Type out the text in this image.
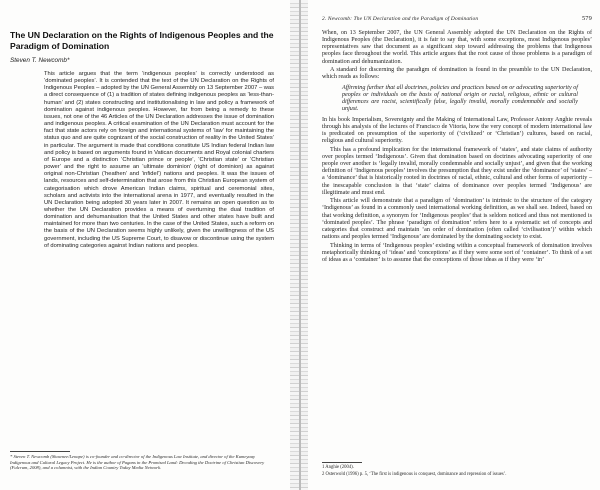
The UN Declaration on the Rights of Indigenous Peoples and the Paradigm of Domination
Steven T. Newcomb*
This article argues that the term ‘indigenous peoples’ is correctly understood as ‘dominated peoples’. It is contended that the text of the UN Declaration on the Rights of Indigenous Peoples – adopted by the UN General Assembly on 13 September 2007 – was a direct consequence of (1) a tradition of states defining indigenous peoples as ‘less-than-human’ and (2) states constructing and institutionalising in law and policy a framework of domination against indigenous peoples. However, far from being a remedy to these issues, not one of the 46 Articles of the UN Declaration addresses the issue of domination and indigenous peoples. A critical examination of the UN Declaration must account for the fact that state actors rely on foreign and international systems of ‘law’ for maintaining the status quo and are quite cognizant of the social construction of reality in the United States’ in particular. The argument is made that conditions constitute US Indian federal Indian law and policy is based on arguments found in Vatican documents and Royal colonial charters of Europe and a distinction ‘Christian prince or people’, ‘Christian state’ or ‘Christian power’ and the right to assume an ‘ultimate dominion’ (right of dominion) as against original non-Christian (‘heathen’ and ‘infidel’) nations and peoples. It was the issues of lands, resources and self-determination that arose from this Christian European system of categorisation which drove American Indian claims, spiritual and ceremonial sites, scholars and activists into the international arena in 1977, and eventually resulted in the UN Declaration being adopted 30 years later in 2007. It remains an open question as to whether the UN Declaration provides a means of overturning the dual tradition of domination and dehumanisation that the United States and other states have built and maintained for more than two centuries. In the case of the United States, such a reform on the basis of the UN Declaration seems highly unlikely, given the unwillingness of the US government, including the US Supreme Court, to disavow or discontinue using the system of dominating categories against Indian nations and peoples.
* Steven T. Newcomb (Shawnee/Lenape) is co-founder and co-director of the Indigenous Law Institute, and director of the Kumeyaay Indigenous and Cultural Legacy Project. He is the author of Pagans in the Promised Land: Decoding the Doctrine of Christian Discovery (Fulcrum, 2008), and a columnist, with the Indian Country Today Media Network.
2. Newcomb: The UN Declaration and the Paradigm of Domination	579

When, on 13 September 2007, the UN General Assembly adopted the UN Declaration on the Rights of Indigenous Peoples (the Declaration), it is fair to say that, with some exceptions, most Indigenous peoples’ representatives saw that document as a significant step toward addressing the problems that Indigenous peoples face throughout the world. This article argues that the root cause of those problems is a paradigm of domination and dehumanization.

A standard for discerning the paradigm of domination is found in the preamble to the UN Declaration, which reads as follows:

Affirming further that all doctrines, policies and practices based on or advocating superiority of peoples or individuals on the basis of national origin or racial, religious, ethnic or cultural differences are racist, scientifically false, legally invalid, morally condemnable and socially unjust.

In his book Imperialism, Sovereignty and the Making of International Law, Professor Antony Anghie reveals through his analysis of the lectures of Francisco de Vitoria, how the very concept of modern international law is predicated on presumption of the superiority of (‘civilized’ or ‘Christian’) cultures, based on racial, religious and cultural superiority.

This has a profound implication for the international framework of ‘states’, and state claims of authority over peoples termed ‘Indigenous’. Given that domination based on doctrines advocating superiority of one people over another is ‘legally invalid, morally condemnable and socially unjust’, and given that the working definition of ‘Indigenous peoples’ involves the presumption that they exist under the ‘dominance’ of ‘states’ – a ‘dominance’ that is historically rooted in doctrines of racial, ethnic, cultural and other forms of superiority – the inescapable conclusion is that ‘state’ claims of dominance over peoples termed ‘Indigenous’ are illegitimate and must end.

This article will demonstrate that a paradigm of ‘domination’ is intrinsic to the structure of the category ‘Indigenous’ as found in a commonly used international working definition, as we shall see. Indeed, based on that working definition, a synonym for ‘Indigenous peoples’ that is seldom noticed and thus not mentioned is ‘dominated peoples’. The phrase ‘paradigm of domination’ refers here to a systematic set of concepts and categories that construct and maintain ‘an order of domination (often called ‘civilisation’)’ within which nations and peoples termed ‘Indigenous’ are dominated by the dominating society to exist.

Thinking in terms of ‘Indigenous peoples’ existing within a conceptual framework of domination involves metaphorically thinking of ‘ideas’ and ‘conceptions’ as if they were some sort of ‘container’. To think of a set of ideas as a ‘container’ is to assume that the conceptions of those ideas as if they were ‘in’

1 Anghie (2004).
2 Osterwold (1996) p. 5, ‘The first is indigenous is conquest, dominance and repression of issues’.
